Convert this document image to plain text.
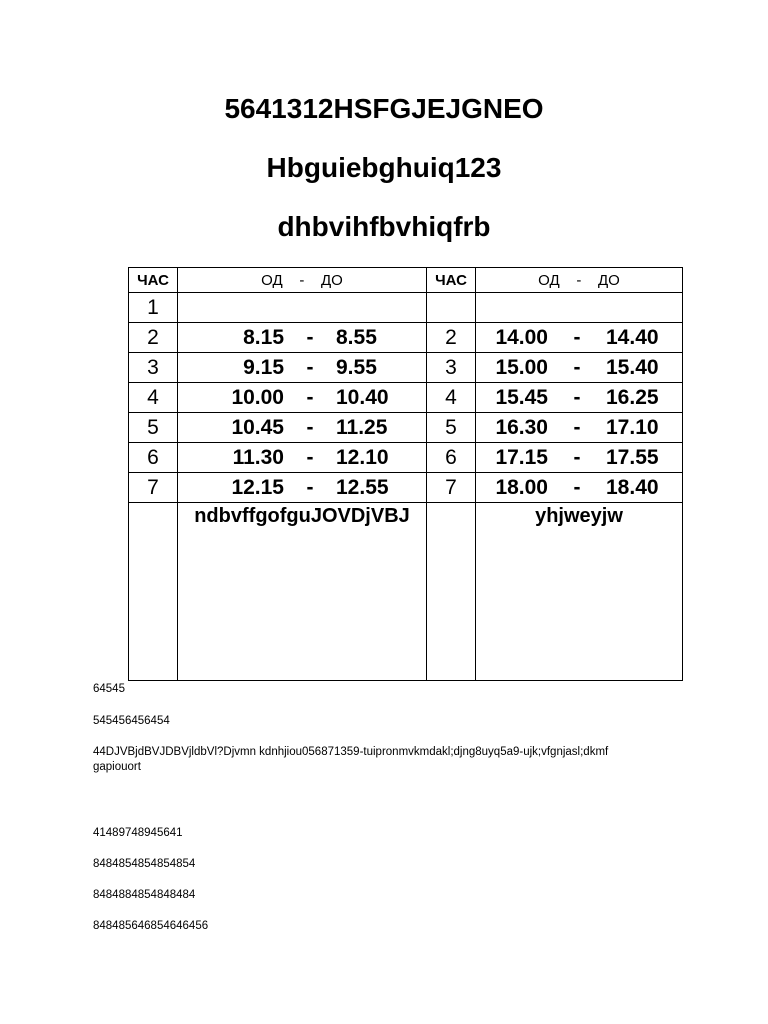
5641312HSFGJEJGNEO
Hbguiebghuiq123
dhbvihfbvhiqfrb
ЧАС	ОД    -    ДО	ЧАС	ОД    -    ДО
1	

2	8.15 - 8.55	2	14.00 - 14.40

3	9.15 - 9.55	3	15.00 - 15.40

4	10.00 - 10.40	4	15.45 - 16.25

5	10.45 - 11.25	5	16.30 - 17.10

6	11.30 - 12.10	6	17.15 - 17.55

7	12.15 - 12.55	7	18.00 - 18.40

	ndbvffgofguJOVDjVBJ		yhjweyjw

64545

545456456454

44DJVBjdBVJDBVjldbVl?Djvmn kdnhjiou056871359-tuipronmvkmdakl;djng8uyq5a9-ujk;vfgnjasl;dkmfgapiouort

41489748945641

8484854854854854

8484884854848484

848485646854646456
